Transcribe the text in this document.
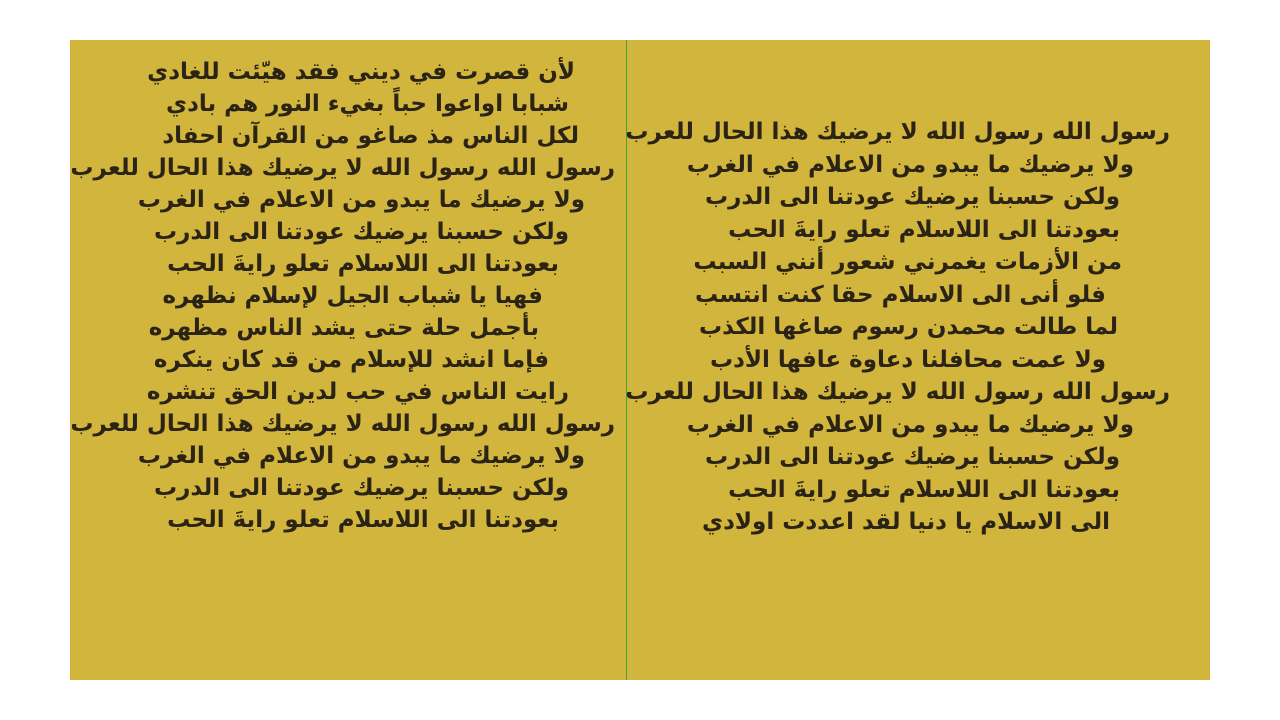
لأن قصرت في ديني فقد هيّئت للغادي
شبابا اواعوا حباً بغيء النور هم بادي
لكل الناس مذ صاغو من القرآن احفاد
رسول الله رسول الله لا يرضيك هذا الحال للعرب
ولا يرضيك ما يبدو من الاعلام في الغرب
ولكن حسبنا يرضيك عودتنا الى الدرب
بعودتنا الى اللاسلام تعلو رايةَ الحب
فهيا يا شباب الجيل لإسلام نظهره
بأجمل حلة حتى يشد الناس مظهره
فإما انشد للإسلام من قد كان ينكره
رايت الناس في حب لدين الحق تنشره
رسول الله رسول الله لا يرضيك هذا الحال للعرب
ولا يرضيك ما يبدو من الاعلام في الغرب
ولكن حسبنا يرضيك عودتنا الى الدرب
بعودتنا الى اللاسلام تعلو رايةَ الحب
رسول الله رسول الله لا يرضيك هذا الحال للعرب
ولا يرضيك ما يبدو من الاعلام في الغرب
ولكن حسبنا يرضيك عودتنا الى الدرب
بعودتنا الى اللاسلام تعلو رايةَ الحب
من الأزمات يغمرني شعور أنني السبب
فلو أنى الى الاسلام حقا كنت انتسب
لما طالت محمدن رسوم صاغها الكذب
ولا عمت محافلنا دعاوة عافها الأدب
رسول الله رسول الله لا يرضيك هذا الحال للعرب
ولا يرضيك ما يبدو من الاعلام في الغرب
ولكن حسبنا يرضيك عودتنا الى الدرب
بعودتنا الى اللاسلام تعلو رايةَ الحب
الى الاسلام يا دنيا لقد اعددت اولادي
